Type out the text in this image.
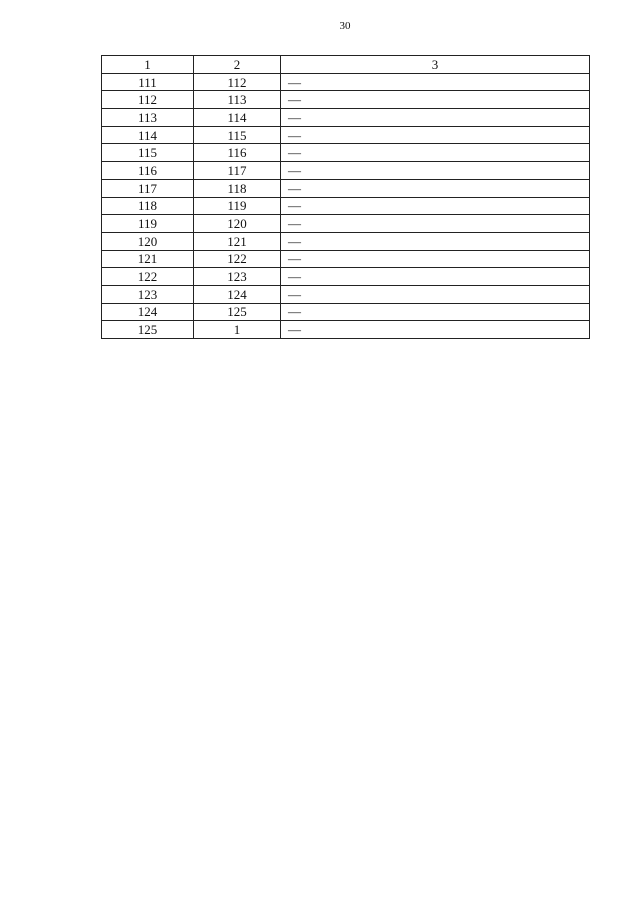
30
1	2	3
111	112	—
112	113	—
113	114	—
114	115	—
115	116	—
116	117	—
117	118	—
118	119	—
119	120	—
120	121	—
121	122	—
122	123	—
123	124	—
124	125	—
125	1	—
